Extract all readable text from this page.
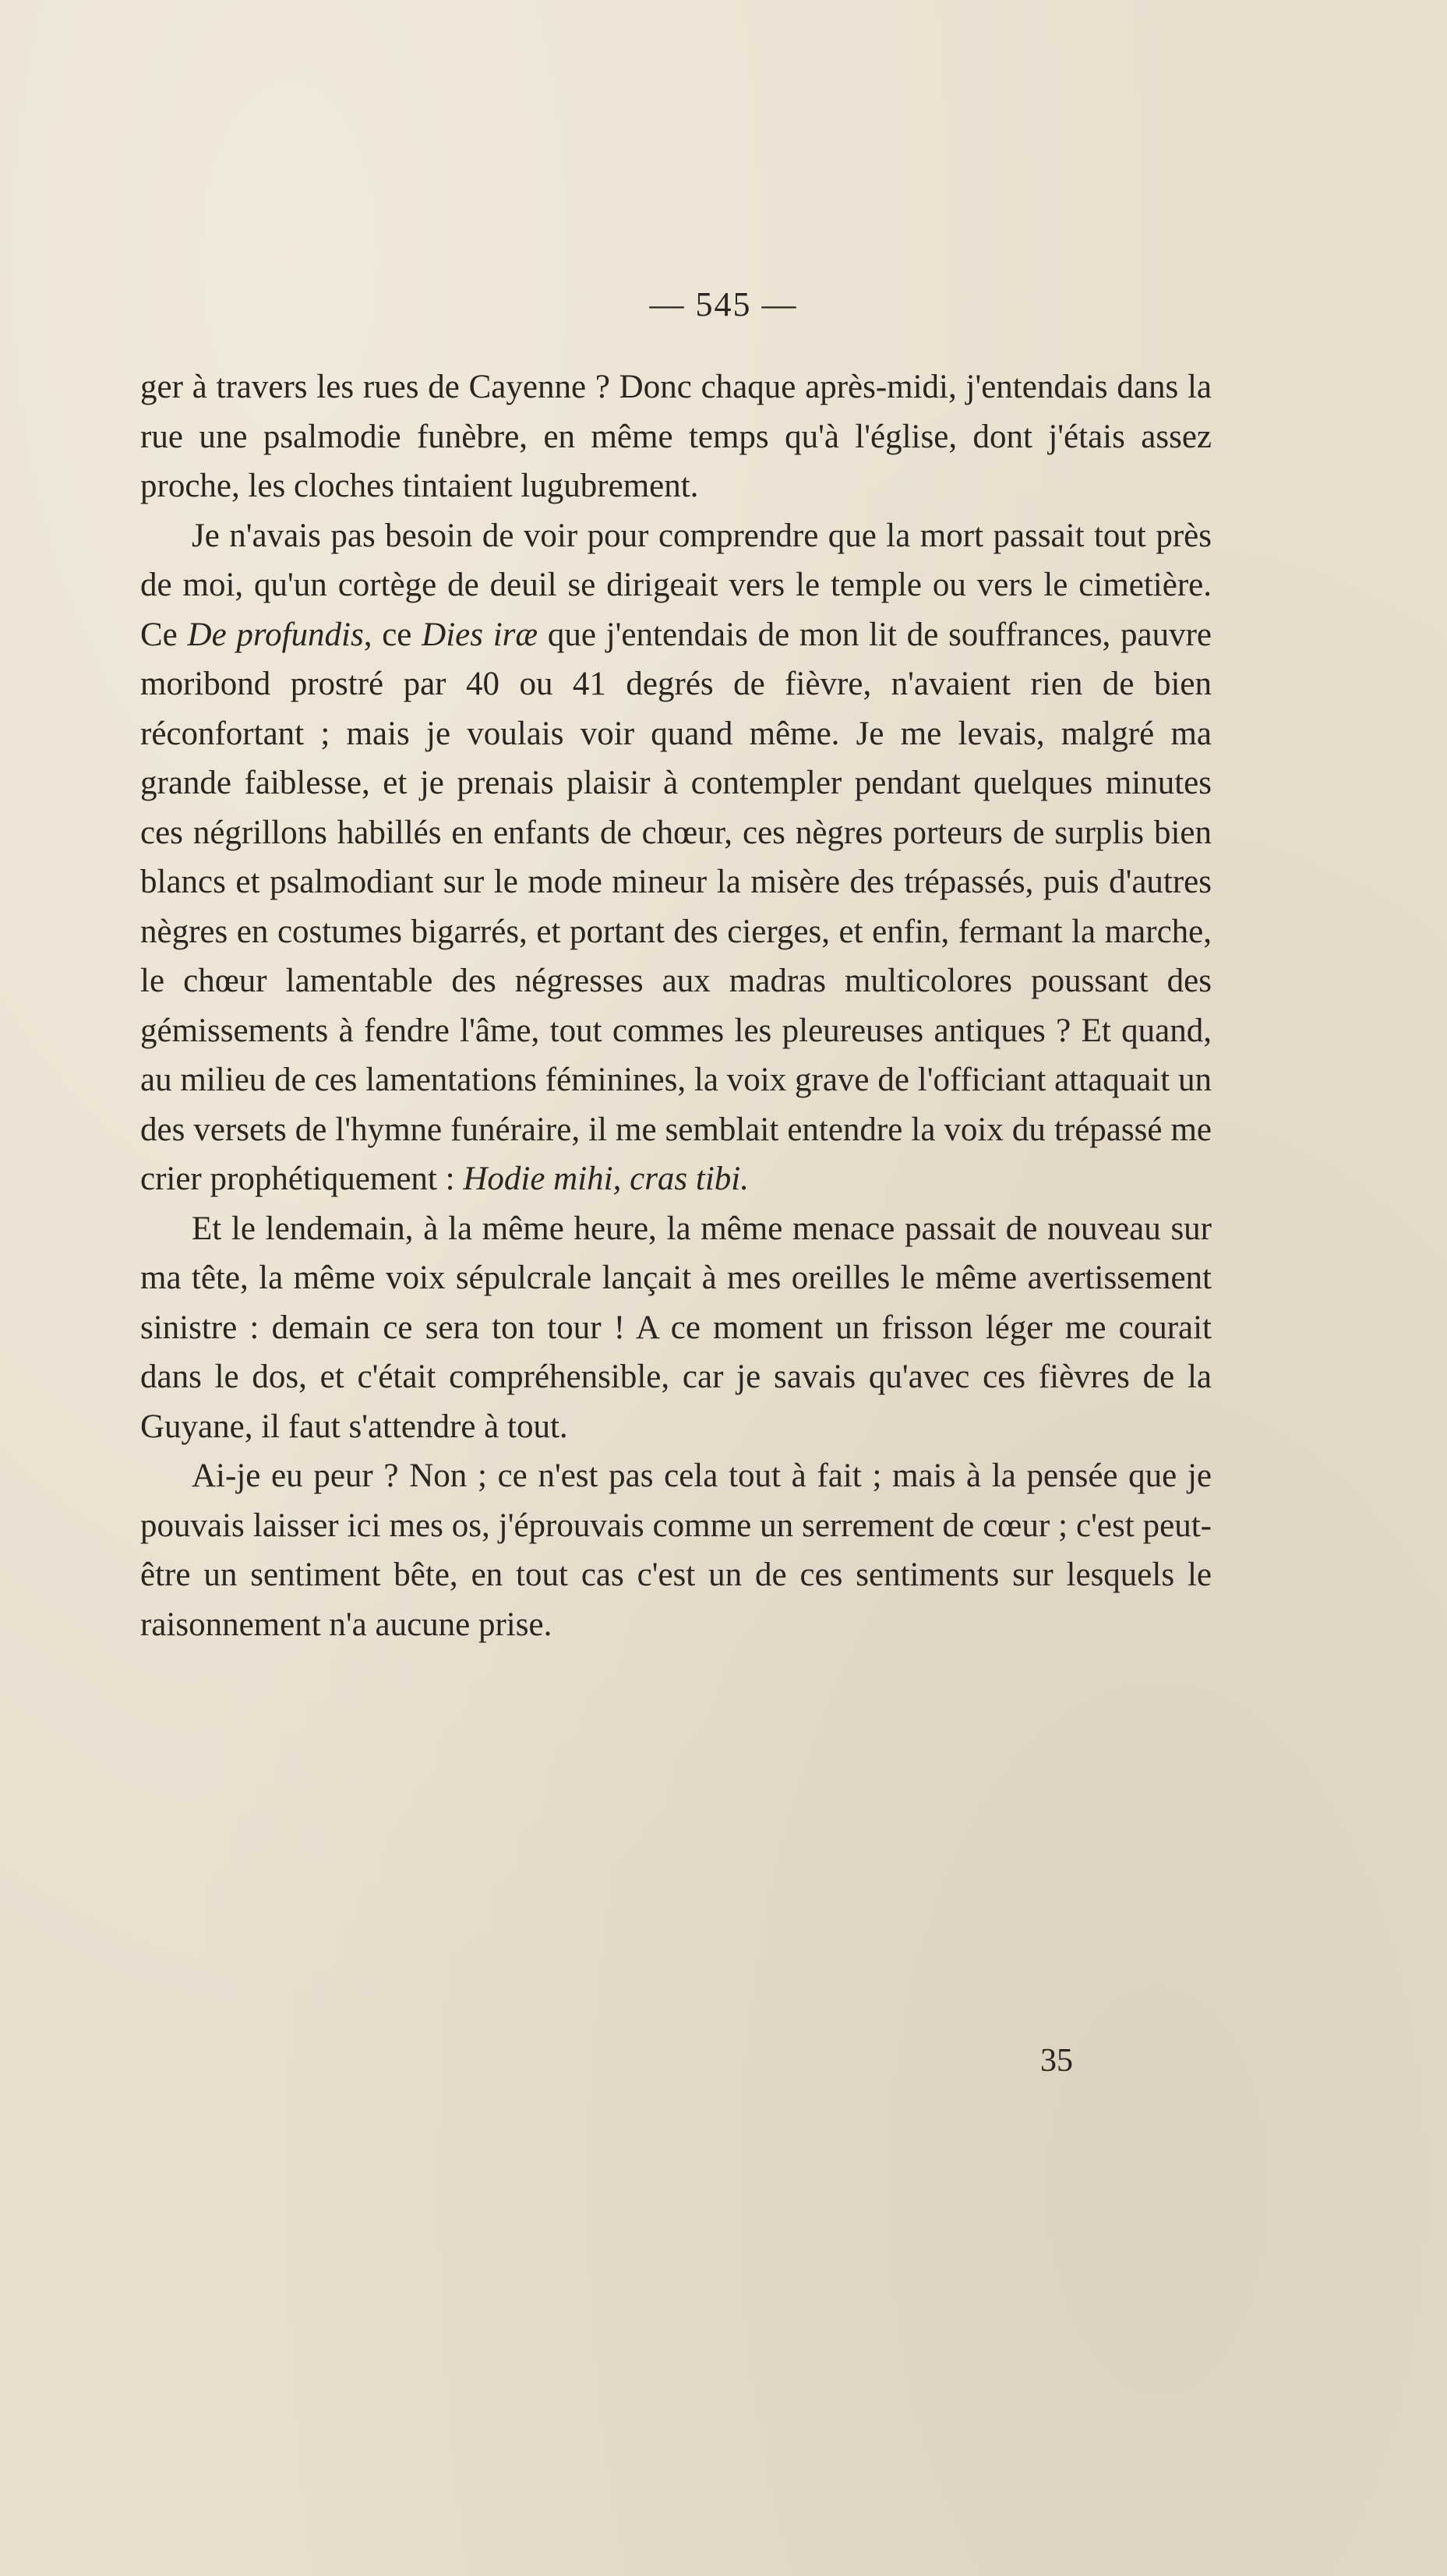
— 545 —

ger à travers les rues de Cayenne ? Donc chaque après-midi, j'entendais dans la rue une psalmodie funèbre, en même temps qu'à l'église, dont j'étais assez proche, les cloches tintaient lugubrement.

Je n'avais pas besoin de voir pour comprendre que la mort passait tout près de moi, qu'un cortège de deuil se dirigeait vers le temple ou vers le cimetière. Ce De profundis, ce Dies iræ que j'entendais de mon lit de souffrances, pauvre moribond prostré par 40 ou 41 degrés de fièvre, n'avaient rien de bien réconfortant ; mais je voulais voir quand même. Je me levais, malgré ma grande faiblesse, et je prenais plaisir à contempler pendant quelques minutes ces négrillons habillés en enfants de chœur, ces nègres porteurs de surplis bien blancs et psalmodiant sur le mode mineur la misère des trépassés, puis d'autres nègres en costumes bigarrés, et portant des cierges, et enfin, fermant la marche, le chœur lamentable des négresses aux madras multicolores poussant des gémissements à fendre l'âme, tout commes les pleureuses antiques ? Et quand, au milieu de ces lamentations féminines, la voix grave de l'officiant attaquait un des versets de l'hymne funéraire, il me semblait entendre la voix du trépassé me crier prophétiquement : Hodie mihi, cras tibi.

Et le lendemain, à la même heure, la même menace passait de nouveau sur ma tête, la même voix sépulcrale lançait à mes oreilles le même avertissement sinistre : demain ce sera ton tour ! A ce moment un frisson léger me courait dans le dos, et c'était compréhensible, car je savais qu'avec ces fièvres de la Guyane, il faut s'attendre à tout.

Ai-je eu peur ? Non ; ce n'est pas cela tout à fait ; mais à la pensée que je pouvais laisser ici mes os, j'éprouvais comme un serrement de cœur ; c'est peut-être un sentiment bête, en tout cas c'est un de ces sentiments sur lesquels le raisonnement n'a aucune prise.

35
